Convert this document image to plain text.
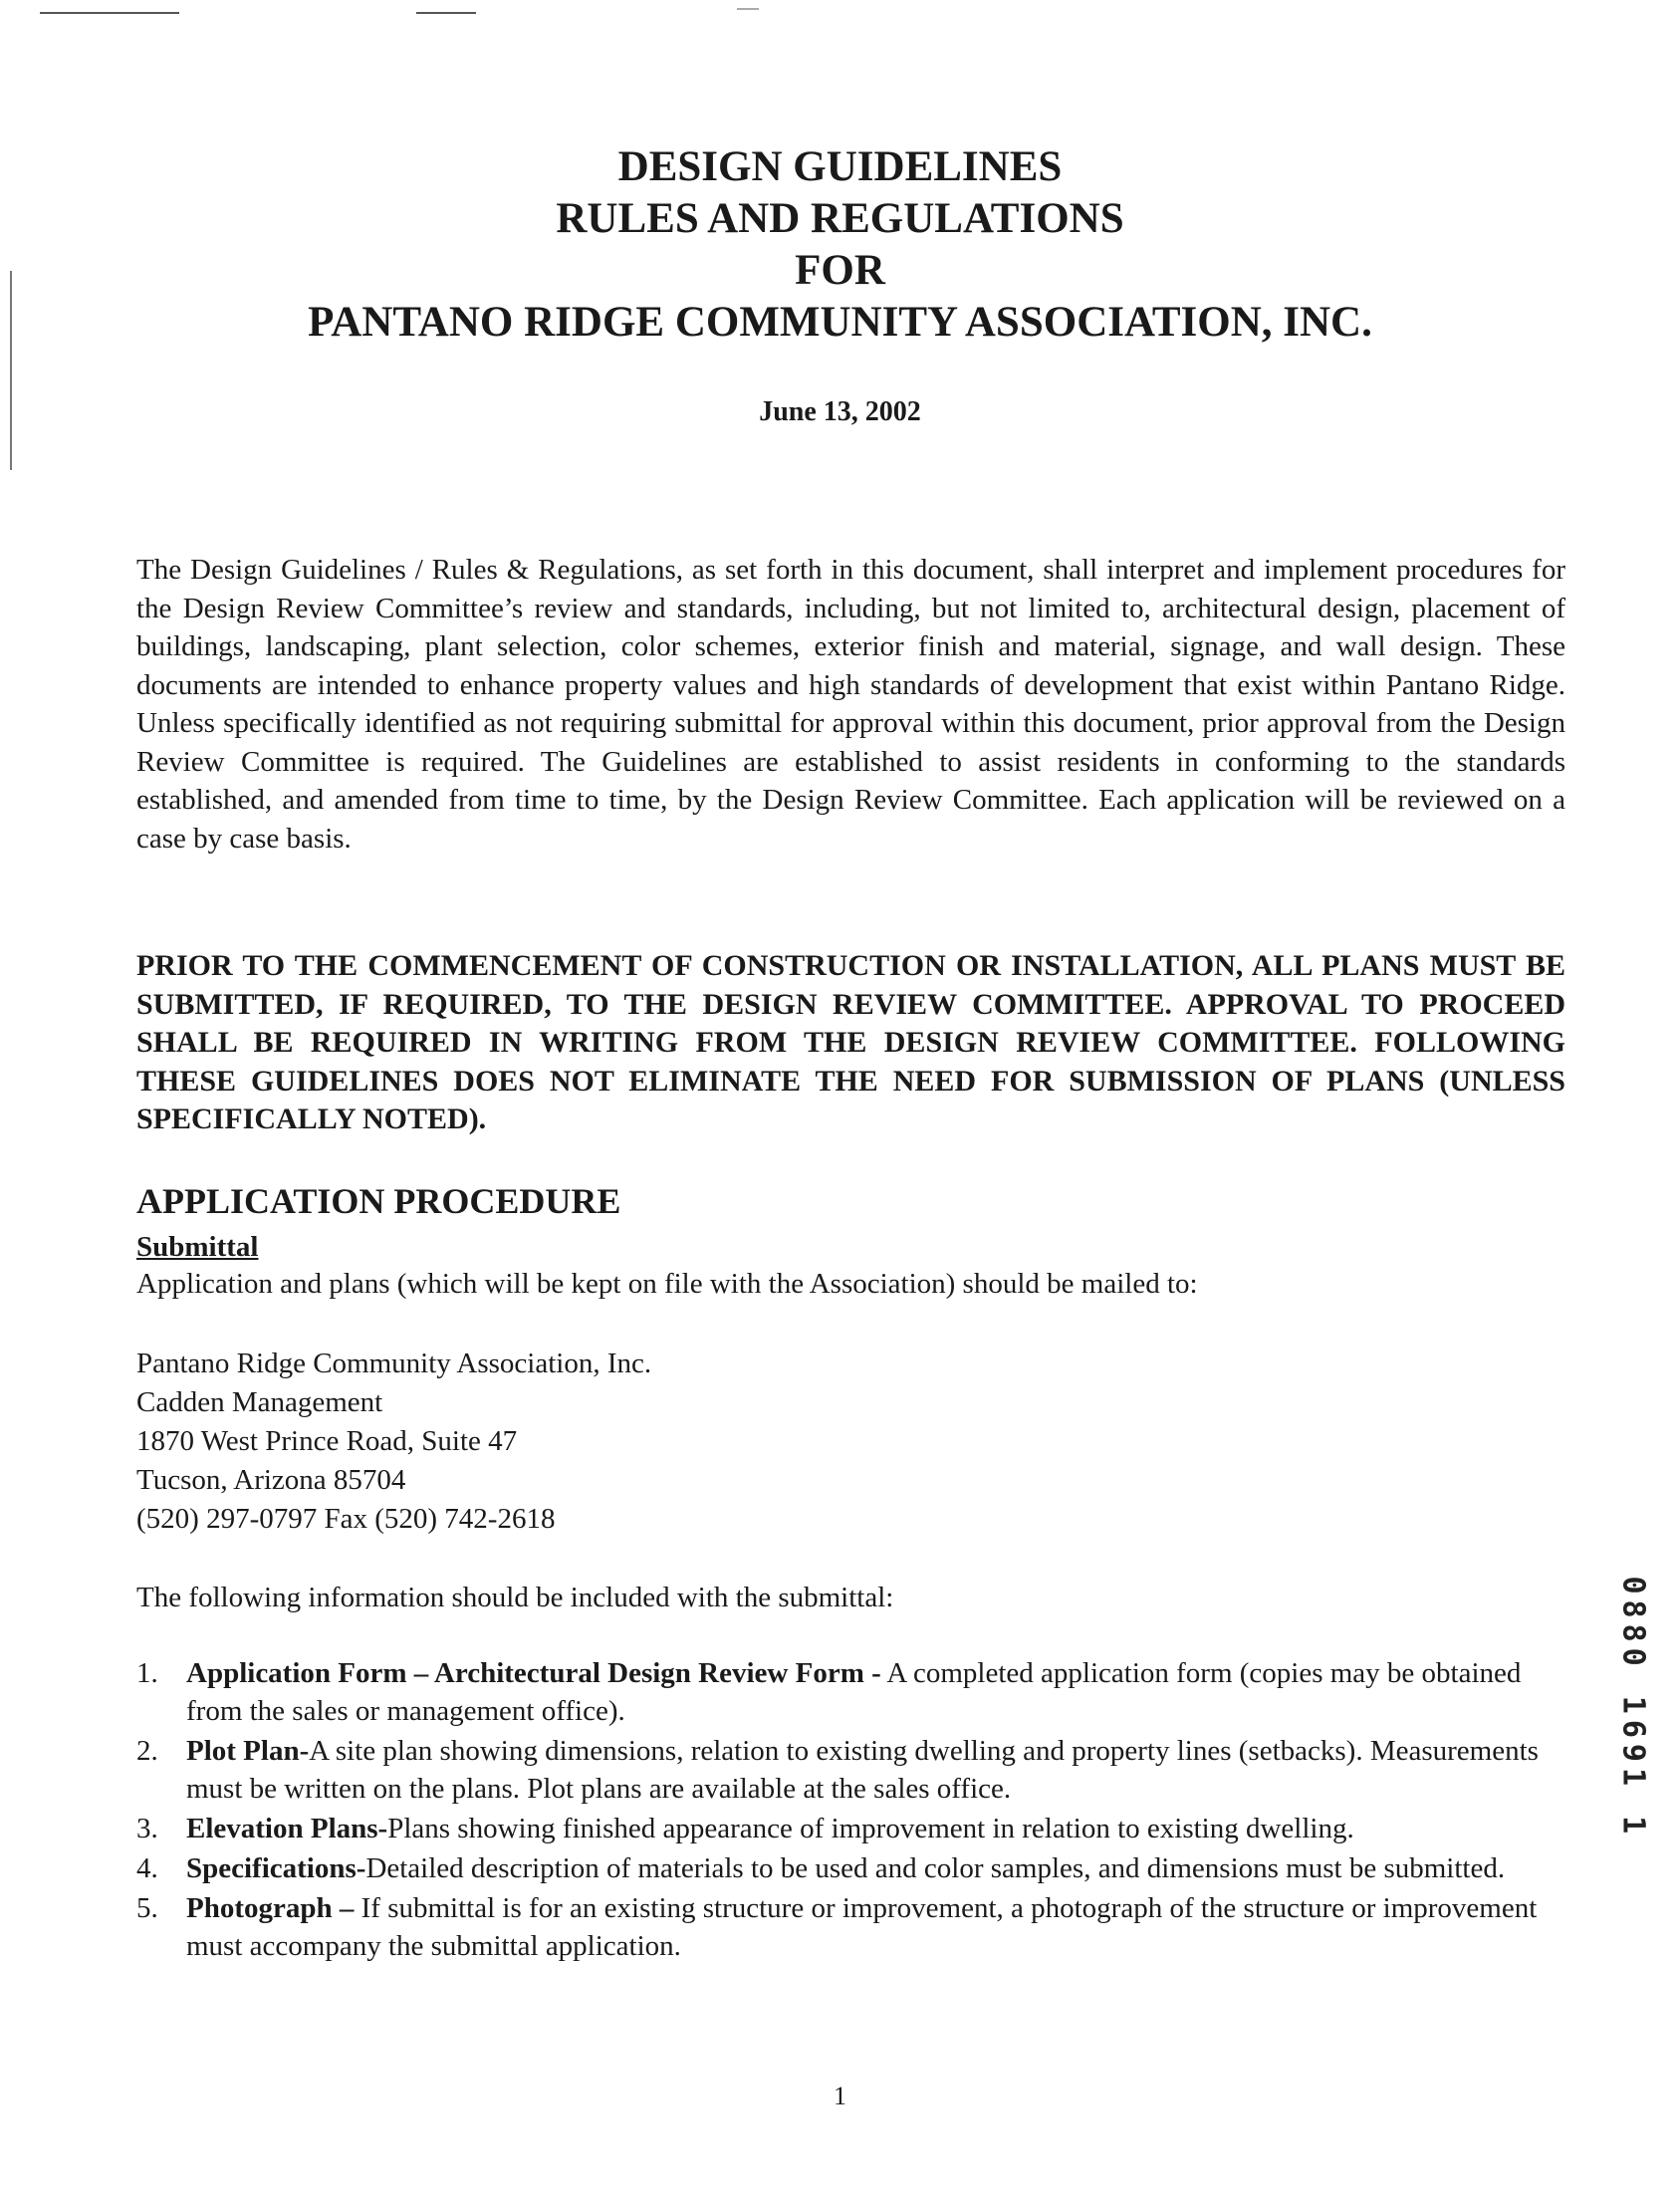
DESIGN GUIDELINES
RULES AND REGULATIONS
FOR
PANTANO RIDGE COMMUNITY ASSOCIATION, INC.
June 13, 2002

The Design Guidelines / Rules & Regulations, as set forth in this document, shall interpret and implement procedures for the Design Review Committee’s review and standards, including, but not limited to, architectural design, placement of buildings, landscaping, plant selection, color schemes, exterior finish and material, signage, and wall design. These documents are intended to enhance property values and high standards of development that exist within Pantano Ridge. Unless specifically identified as not requiring submittal for approval within this document, prior approval from the Design Review Committee is required. The Guidelines are established to assist residents in conforming to the standards established, and amended from time to time, by the Design Review Committee. Each application will be reviewed on a case by case basis.

PRIOR TO THE COMMENCEMENT OF CONSTRUCTION OR INSTALLATION, ALL PLANS MUST BE SUBMITTED, IF REQUIRED, TO THE DESIGN REVIEW COMMITTEE. APPROVAL TO PROCEED SHALL BE REQUIRED IN WRITING FROM THE DESIGN REVIEW COMMITTEE. FOLLOWING THESE GUIDELINES DOES NOT ELIMINATE THE NEED FOR SUBMISSION OF PLANS (UNLESS SPECIFICALLY NOTED).

APPLICATION PROCEDURE
Submittal
Application and plans (which will be kept on file with the Association) should be mailed to:
Pantano Ridge Community Association, Inc.
Cadden Management
1870 West Prince Road, Suite 47
Tucson, Arizona 85704
(520) 297-0797 Fax (520) 742-2618
The following information should be included with the submittal:
1. Application Form – Architectural Design Review Form - A completed application form (copies may be obtained from the sales or management office).
2. Plot Plan-A site plan showing dimensions, relation to existing dwelling and property lines (setbacks). Measurements must be written on the plans. Plot plans are available at the sales office.
3. Elevation Plans-Plans showing finished appearance of improvement in relation to existing dwelling.
4. Specifications-Detailed description of materials to be used and color samples, and dimensions must be submitted.
5. Photograph – If submittal is for an existing structure or improvement, a photograph of the structure or improvement must accompany the submittal application.
0880 1691 1
1
